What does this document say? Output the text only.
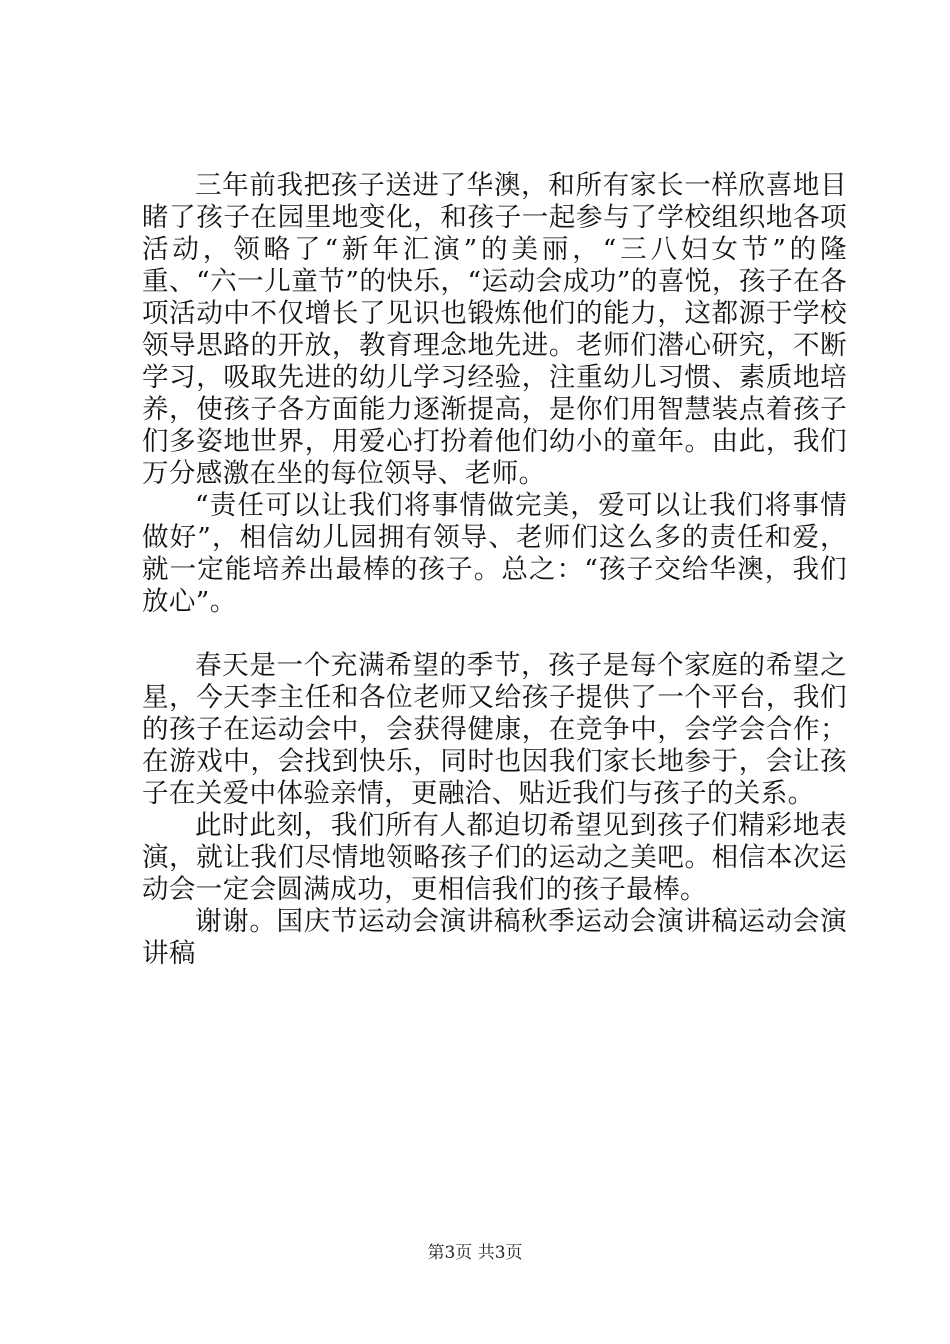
三年前我把孩子送进了华澳，和所有家长一样欣喜地目睹了孩子在园里地变化，和孩子一起参与了学校组织地各项活动，领略了“新年汇演”的美丽，“三八妇女节”的隆重、“六一儿童节”的快乐，“运动会成功”的喜悦，孩子在各项活动中不仅增长了见识也锻炼他们的能力，这都源于学校领导思路的开放，教育理念地先进。老师们潜心研究，不断学习，吸取先进的幼儿学习经验，注重幼儿习惯、素质地培养，使孩子各方面能力逐渐提高，是你们用智慧装点着孩子们多姿地世界，用爱心打扮着他们幼小的童年。由此，我们万分感激在坐的每位领导、老师。

“责任可以让我们将事情做完美，爱可以让我们将事情做好”，相信幼儿园拥有领导、老师们这么多的责任和爱，就一定能培养出最棒的孩子。总之：“孩子交给华澳，我们放心”。

春天是一个充满希望的季节，孩子是每个家庭的希望之星，今天李主任和各位老师又给孩子提供了一个平台，我们的孩子在运动会中，会获得健康，在竞争中，会学会合作；在游戏中，会找到快乐，同时也因我们家长地参于，会让孩子在关爱中体验亲情，更融洽、贴近我们与孩子的关系。

此时此刻，我们所有人都迫切希望见到孩子们精彩地表演，就让我们尽情地领略孩子们的运动之美吧。相信本次运动会一定会圆满成功，更相信我们的孩子最棒。

谢谢。国庆节运动会演讲稿秋季运动会演讲稿运动会演讲稿

第3页 共3页
